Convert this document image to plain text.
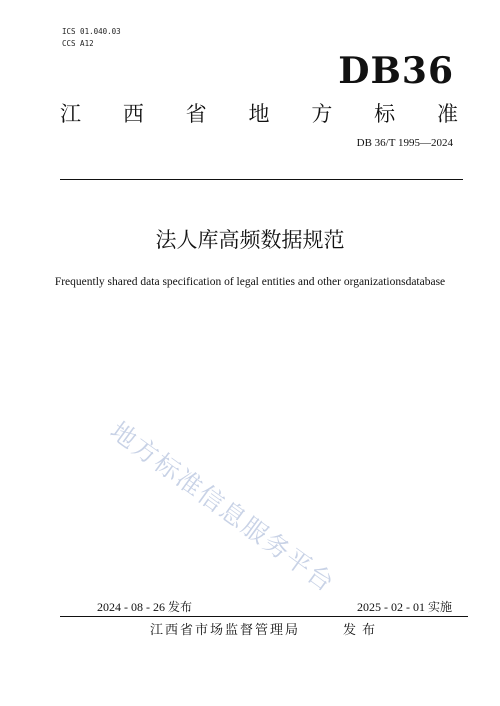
ICS 01.040.03
CCS A12
DB36
江 西 省 地 方 标 准
DB 36/T 1995—2024
法人库高频数据规范
Frequently shared data specification of legal entities and other organizationsdatabase
地方标准信息服务平台
2024 - 08 - 26 发布	2025 - 02 - 01 实施
江西省市场监督管理局	发布
